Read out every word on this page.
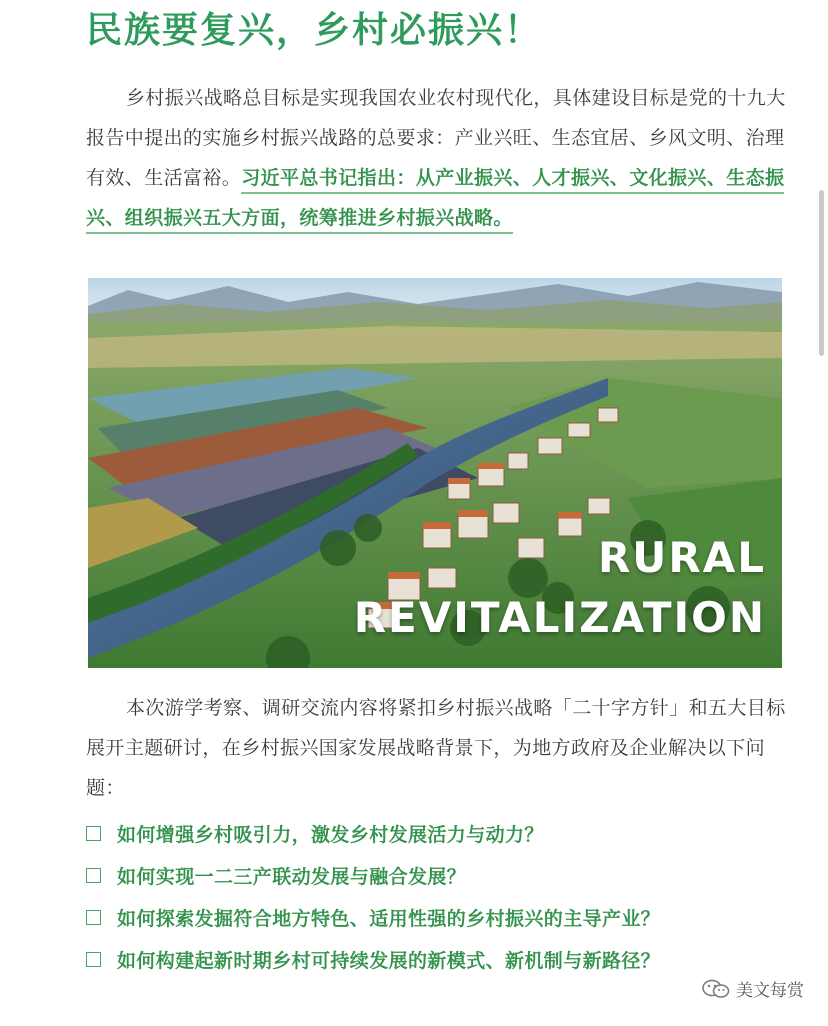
民族要复兴，乡村必振兴！

乡村振兴战略总目标是实现我国农业农村现代化，具体建设目标是党的十九大报告中提出的实施乡村振兴战路的总要求：产业兴旺、生态宜居、乡风文明、治理有效、生活富裕。习近平总书记指出：从产业振兴、人才振兴、文化振兴、生态振兴、组织振兴五大方面，统筹推进乡村振兴战略。

RURAL
REVITALIZATION

本次游学考察、调研交流内容将紧扣乡村振兴战略「二十字方针」和五大目标展开主题研讨，在乡村振兴国家发展战略背景下，为地方政府及企业解决以下问题：

如何增强乡村吸引力，激发乡村发展活力与动力？
如何实现一二三产联动发展与融合发展？
如何探索发掘符合地方特色、适用性强的乡村振兴的主导产业？
如何构建起新时期乡村可持续发展的新模式、新机制与新路径？
美文每赏
